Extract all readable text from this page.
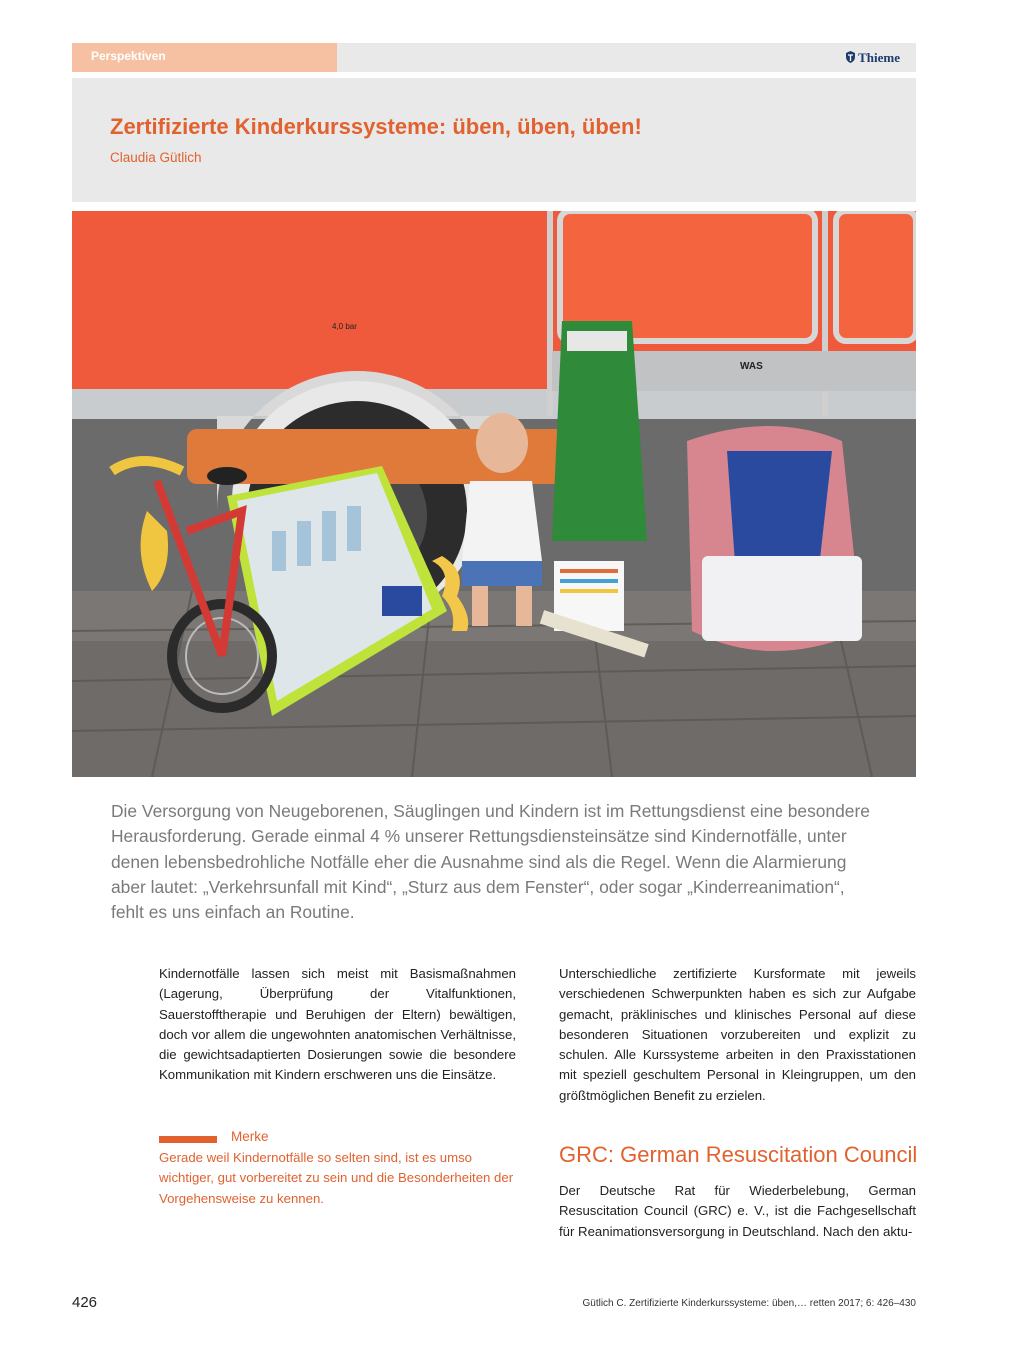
Perspektiven	Thieme
Zertifizierte Kinderkurssysteme: üben, üben, üben!
Claudia Gütlich
4,0 bar
WAS

Die Versorgung von Neugeborenen, Säuglingen und Kindern ist im Rettungsdienst eine besondere Herausforderung. Gerade einmal 4 % unserer Rettungsdiensteinsätze sind Kindernotfälle, unter denen lebensbedrohliche Notfälle eher die Ausnahme sind als die Regel. Wenn die Alarmierung aber lautet: „Verkehrsunfall mit Kind“, „Sturz aus dem Fenster“, oder sogar „Kinderreanimation“, fehlt es uns einfach an Routine.

Kindernotfälle lassen sich meist mit Basismaßnahmen (Lagerung, Überprüfung der Vitalfunktionen, Sauerstofftherapie und Beruhigen der Eltern) bewältigen, doch vor allem die ungewohnten anatomischen Verhältnisse, die gewichtsadaptierten Dosierungen sowie die besondere Kommunikation mit Kindern erschweren uns die Einsätze.

Merke

Gerade weil Kindernotfälle so selten sind, ist es umso wichtiger, gut vorbereitet zu sein und die Besonderheiten der Vorgehensweise zu kennen.

Unterschiedliche zertifizierte Kursformate mit jeweils verschiedenen Schwerpunkten haben es sich zur Aufgabe gemacht, präklinisches und klinisches Personal auf diese besonderen Situationen vorzubereiten und explizit zu schulen. Alle Kurssysteme arbeiten in den Praxisstationen mit speziell geschultem Personal in Kleingruppen, um den größtmöglichen Benefit zu erzielen.

GRC: German Resuscitation Council

Der Deutsche Rat für Wiederbelebung, German Resuscitation Council (GRC) e. V., ist die Fachgesellschaft für Reanimationsversorgung in Deutschland. Nach den aktu-

426	Gütlich C. Zertifizierte Kinderkurssysteme: üben,… retten 2017; 6: 426–430
